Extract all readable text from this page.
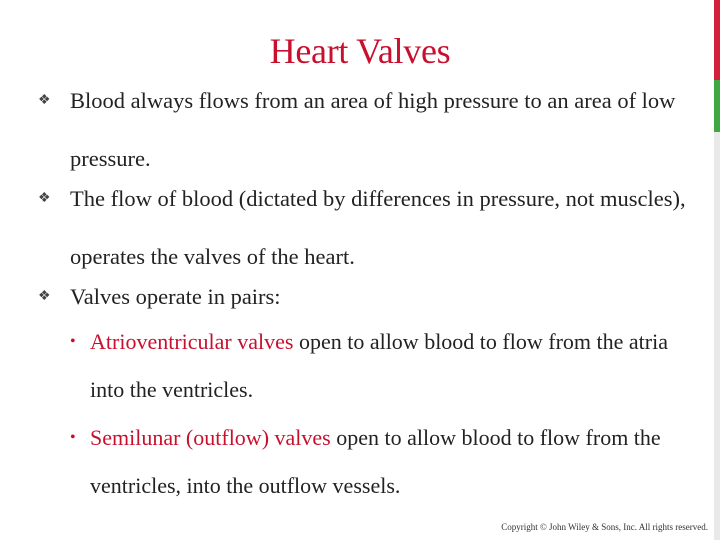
Heart Valves
❖ Blood always flows from an area of high pressure to an area of low pressure.
❖ The flow of blood (dictated by differences in pressure, not muscles), operates the valves of the heart.
❖ Valves operate in pairs:
• Atrioventricular valves open to allow blood to flow from the atria into the ventricles.
• Semilunar (outflow) valves open to allow blood to flow from the ventricles, into the outflow vessels.
Copyright © John Wiley & Sons, Inc. All rights reserved.
